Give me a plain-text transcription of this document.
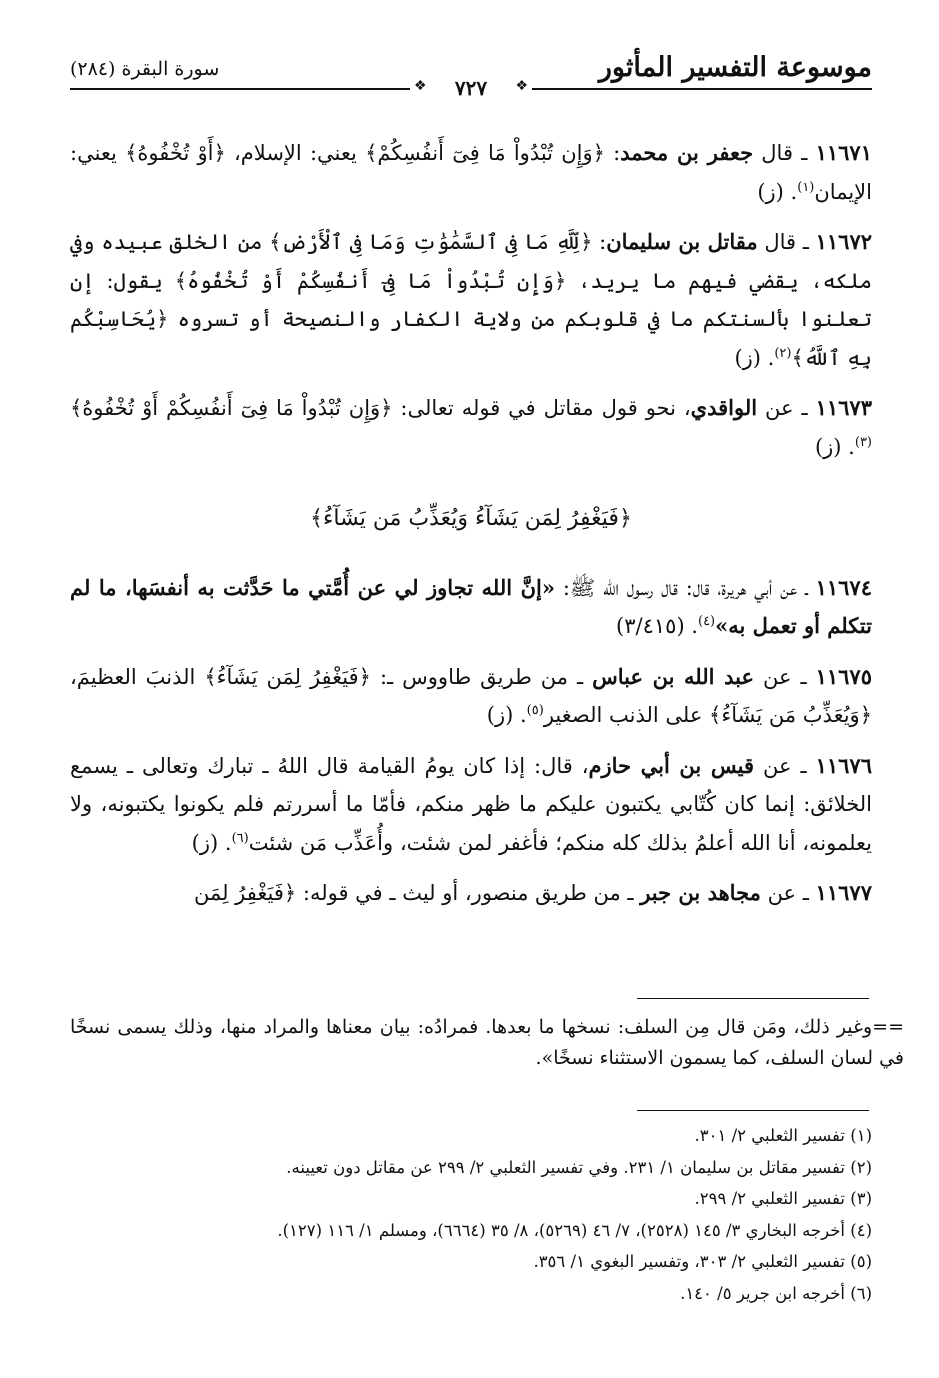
موسوعة التفسير المأثور
سورة البقرة (٢٨٤)
❖
❖	٧٢٧

١١٦٧١ ـ قال جعفر بن محمد: ﴿وَإِن تُبْدُواْ مَا فِىٓ أَنفُسِكُمْ﴾ يعني: الإسلام، ﴿أَوْ تُخْفُوهُ﴾ يعني: الإيمان$^{(١)}$. (ز)

١١٦٧٢ ـ قال مقاتل بن سليمان: ﴿لِّلَّهِ مَا فِى ٱلسَّمَٰوَٰتِ وَمَا فِى ٱلْأَرْضِ﴾ من الخلق عبيده وفي ملكه، يقضي فيهم ما يريد، ﴿وَإِن تُبْدُواْ مَا فِىٓ أَنفُسِكُمْ أَوْ تُخْفُوهُ﴾ يقول: إن تعلنوا بألسنتكم ما في قلوبكم من ولاية الكفار والنصيحة أو تسروه ﴿يُحَاسِبْكُم بِهِ ٱللَّهُ﴾$^{(٢)}$. (ز)

١١٦٧٣ ـ عن الواقدي، نحو قول مقاتل في قوله تعالى: ﴿وَإِن تُبْدُواْ مَا فِىٓ أَنفُسِكُمْ أَوْ تُخْفُوهُ﴾$^{(٣)}$. (ز)

﴿فَيَغْفِرُ لِمَن يَشَآءُ وَيُعَذِّبُ مَن يَشَآءُ﴾

١١٦٧٤ ـ عن أبي هريرة، قال: قال رسول الله ﷺ: «إنَّ الله تجاوز لي عن أُمَّتي ما حَدَّثت به أنفسَها، ما لم تتكلم أو تعمل به»$^{(٤)}$. (٣/٤١٥)

١١٦٧٥ ـ عن عبد الله بن عباس ـ من طريق طاووس ـ: ﴿فَيَغْفِرُ لِمَن يَشَآءُ﴾ الذنبَ العظيمَ، ﴿وَيُعَذِّبُ مَن يَشَآءُ﴾ على الذنب الصغير$^{(٥)}$. (ز)

١١٦٧٦ ـ عن قيس بن أبي حازم، قال: إذا كان يومُ القيامة قال اللهُ ـ تبارك وتعالى ـ يسمع الخلائق: إنما كان كُتّابي يكتبون عليكم ما ظهر منكم، فأمّا ما أسررتم فلم يكونوا يكتبونه، ولا يعلمونه، أنا الله أعلمُ بذلك كله منكم؛ فأغفر لمن شئت، وأُعَذِّب مَن شئت$^{(٦)}$. (ز)

١١٦٧٧ ـ عن مجاهد بن جبر ـ من طريق منصور، أو ليث ـ في قوله: ﴿فَيَغْفِرُ لِمَن

==وغير ذلك، ومَن قال مِن السلف: نسخها ما بعدها. فمرادُه: بيان معناها والمراد منها، وذلك يسمى نسخًا في لسان السلف، كما يسمون الاستثناء نسخًا».
(١) تفسير الثعلبي ٢/ ٣٠١.
(٢) تفسير مقاتل بن سليمان ١/ ٢٣١. وفي تفسير الثعلبي ٢/ ٢٩٩ عن مقاتل دون تعيينه.
(٣) تفسير الثعلبي ٢/ ٢٩٩.
(٤) أخرجه البخاري ٣/ ١٤٥ (٢٥٢٨)، ٧/ ٤٦ (٥٢٦٩)، ٨/ ٣٥ (٦٦٦٤)، ومسلم ١/ ١١٦ (١٢٧).
(٥) تفسير الثعلبي ٢/ ٣٠٣، وتفسير البغوي ١/ ٣٥٦.
(٦) أخرجه ابن جرير ٥/ ١٤٠.
